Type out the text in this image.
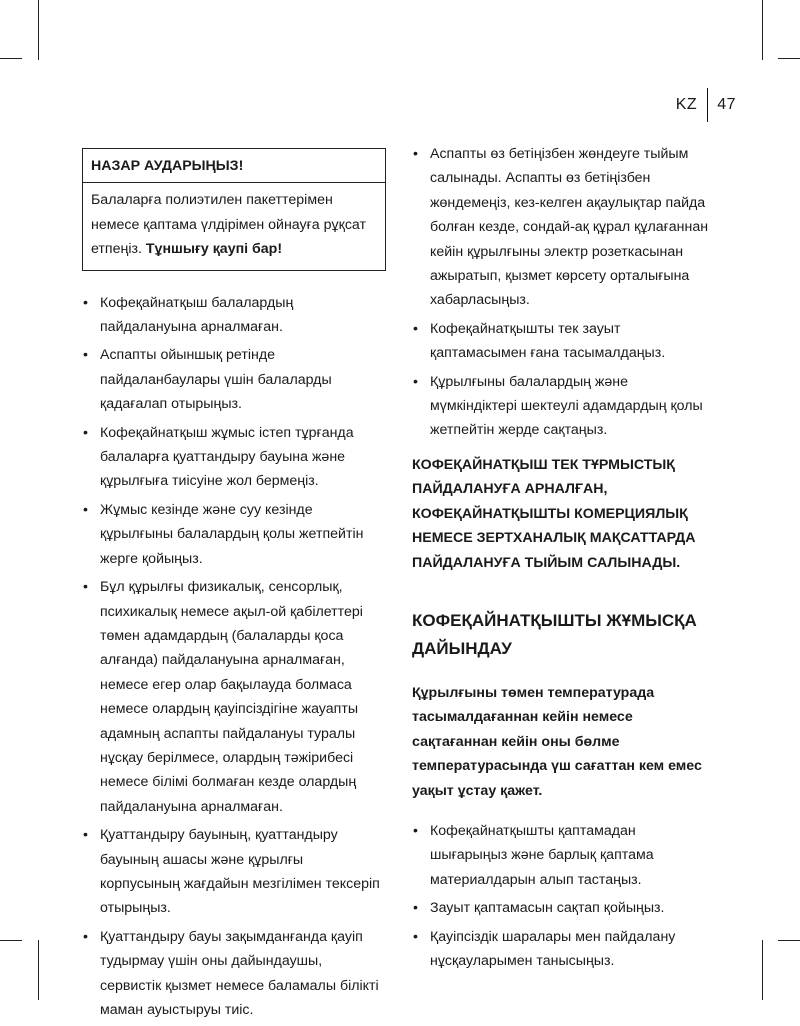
KZ	47
НАЗАР АУДАРЫҢЫЗ!
Балаларға полиэтилен пакеттерімен немесе қаптама үлдірімен ойнауға рұқсат етпеңіз. Тұншығу қаупі бар!
• Кофеқайнатқыш балалардың пайдалануына арналмаған.
• Аспапты ойыншық ретінде пайдаланбаулары үшін балаларды қадағалап отырыңыз.
• Кофеқайнатқыш жұмыс істеп тұрғанда балаларға қуаттандыру бауына және құрылғыға тиісуіне жол бермеңіз.
• Жұмыс кезінде және суу кезінде құрылғыны балалардың қолы жетпейтін жерге қойыңыз.
• Бұл құрылғы физикалық, сенсорлық, психикалық немесе ақыл-ой қабілеттері төмен адамдардың (балаларды қоса алғанда) пайдалануына арналмаған, немесе егер олар бақылауда болмаса немесе олардың қауіпсіздігіне жауапты адамның аспапты пайдалануы туралы нұсқау берілмесе, олардың тәжірибесі немесе білімі болмаған кезде олардың пайдалануына арналмаған.
• Қуаттандыру бауының, қуаттандыру бауының ашасы және құрылғы корпусының жағдайын мезгілімен тексеріп отырыңыз.
• Қуаттандыру бауы зақымданғанда қауіп тудырмау үшін оны дайындаушы, сервистік қызмет немесе баламалы білікті маман ауыстыруы тиіс.
• Аспапты өз бетіңізбен жөндеуге тыйым салынады. Аспапты өз бетіңізбен жөндемеңіз, кез-келген ақаулықтар пайда болған кезде, сондай-ақ құрал құлағаннан кейін құрылғыны электр розеткасынан ажыратып, қызмет көрсету орталығына хабарласыңыз.
• Кофеқайнатқышты тек зауыт қаптамасымен ғана тасымалдаңыз.
• Құрылғыны балалардың және мүмкіндіктері шектеулі адамдардың қолы жетпейтін жерде сақтаңыз.
КОФЕҚАЙНАТҚЫШ ТЕК ТҰРМЫСТЫҚ ПАЙДАЛАНУҒА АРНАЛҒАН, КОФЕҚАЙНАТҚЫШТЫ КОМЕРЦИЯЛЫҚ НЕМЕСЕ ЗЕРТХАНАЛЫҚ МАҚСАТТАРДА ПАЙДАЛАНУҒА ТЫЙЫМ САЛЫНАДЫ.
КОФЕҚАЙНАТҚЫШТЫ ЖҰМЫСҚА ДАЙЫНДАУ
Құрылғыны төмен температурада тасымалдағаннан кейін немесе сақтағаннан кейін оны бөлме температурасында үш сағаттан кем емес уақыт ұстау қажет.
• Кофеқайнатқышты қаптамадан шығарыңыз және барлық қаптама материалдарын алып тастаңыз.
• Зауыт қаптамасын сақтап қойыңыз.
• Қауіпсіздік шаралары мен пайдалану нұсқауларымен танысыңыз.
